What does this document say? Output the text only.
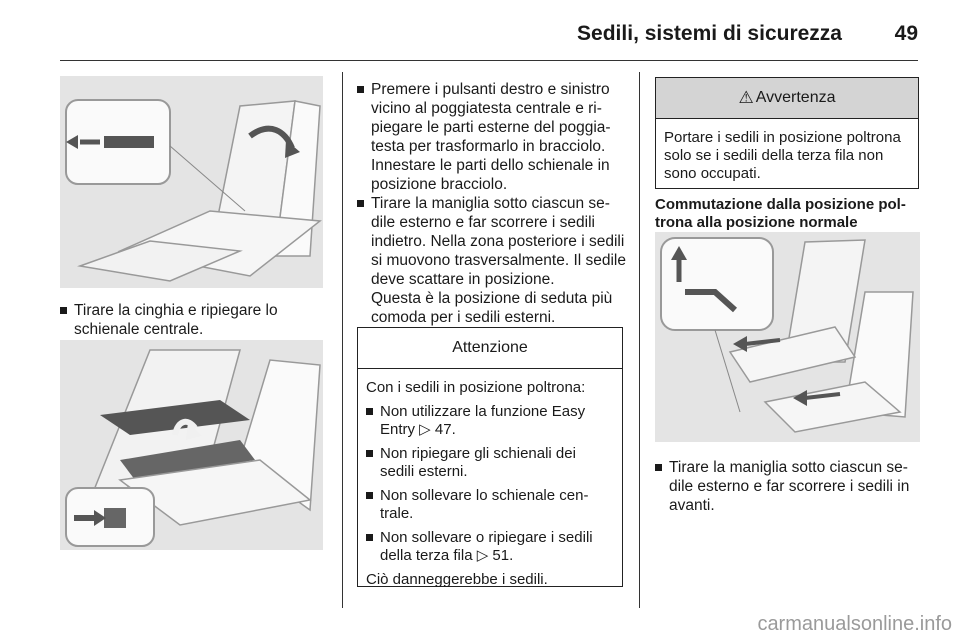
Sedili, sistemi di sicurezza	49
Tirare la cinghia e ripiegare lo schienale centrale.
Premere i pulsanti destro e sinistro vicino al poggiatesta centrale e ripiegare le parti esterne del poggiatesta per trasformarlo in bracciolo. Innestare le parti dello schienale in posizione bracciolo.
Tirare la maniglia sotto ciascun sedile esterno e far scorrere i sedili indietro. Nella zona posteriore i sedili si muovono trasversalmente. Il sedile deve scattare in posizione.
Questa è la posizione di seduta più comoda per i sedili esterni.
Attenzione

Con i sedili in posizione poltrona:

Non utilizzare la funzione Easy Entry ▷ 47.
Non ripiegare gli schienali dei sedili esterni.
Non sollevare lo schienale centrale.
Non sollevare o ripiegare i sedili della terza fila ▷ 51.

Ciò danneggerebbe i sedili.

⚠ Avvertenza
Portare i sedili in posizione poltrona solo se i sedili della terza fila non sono occupati.
Commutazione dalla posizione poltrona alla posizione normale
Tirare la maniglia sotto ciascun sedile esterno e far scorrere i sedili in avanti.
carmanualsonline.info
